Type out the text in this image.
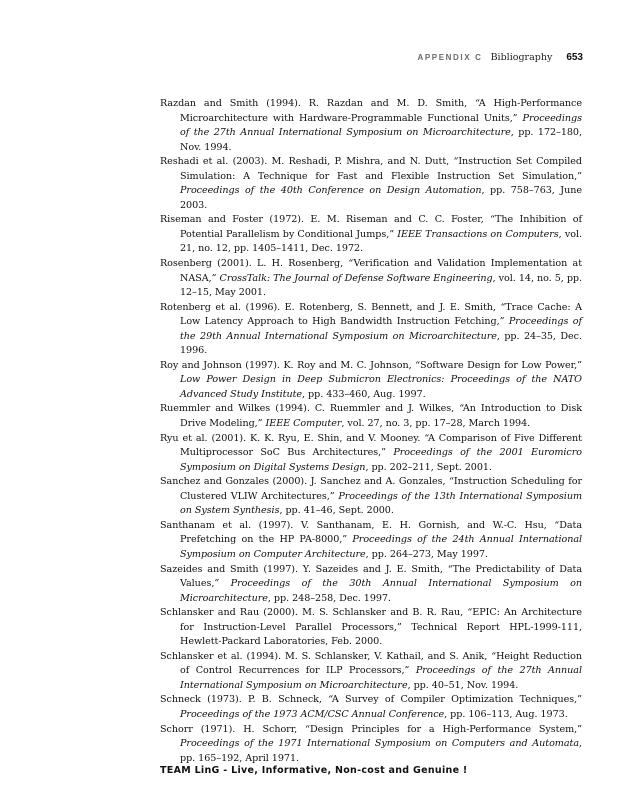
APPENDIX C Bibliography 653
Razdan and Smith (1994). R. Razdan and M. D. Smith, “A High-Performance Microarchitecture with Hardware-Programmable Functional Units,” Proceedings of the 27th Annual International Symposium on Microarchitecture, pp. 172–180, Nov. 1994.
Reshadi et al. (2003). M. Reshadi, P. Mishra, and N. Dutt, “Instruction Set Compiled Simulation: A Technique for Fast and Flexible Instruction Set Simulation,” Proceedings of the 40th Conference on Design Automation, pp. 758–763, June 2003.
Riseman and Foster (1972). E. M. Riseman and C. C. Foster, “The Inhibition of Potential Parallelism by Conditional Jumps,” IEEE Transactions on Computers, vol. 21, no. 12, pp. 1405–1411, Dec. 1972.
Rosenberg (2001). L. H. Rosenberg, “Verification and Validation Implementation at NASA,” CrossTalk: The Journal of Defense Software Engineering, vol. 14, no. 5, pp. 12–15, May 2001.
Rotenberg et al. (1996). E. Rotenberg, S. Bennett, and J. E. Smith, “Trace Cache: A Low Latency Approach to High Bandwidth Instruction Fetching,” Proceedings of the 29th Annual International Symposium on Microarchitecture, pp. 24–35, Dec. 1996.
Roy and Johnson (1997). K. Roy and M. C. Johnson, “Software Design for Low Power,” Low Power Design in Deep Submicron Electronics: Proceedings of the NATO Advanced Study Institute, pp. 433–460, Aug. 1997.
Ruemmler and Wilkes (1994). C. Ruemmler and J. Wilkes, “An Introduction to Disk Drive Modeling,” IEEE Computer, vol. 27, no. 3, pp. 17–28, March 1994.
Ryu et al. (2001). K. K. Ryu, E. Shin, and V. Mooney. “A Comparison of Five Different Multiprocessor SoC Bus Architectures,” Proceedings of the 2001 Euromicro Symposium on Digital Systems Design, pp. 202–211, Sept. 2001.
Sanchez and Gonzales (2000). J. Sanchez and A. Gonzales, “Instruction Scheduling for Clustered VLIW Architectures,” Proceedings of the 13th International Symposium on System Synthesis, pp. 41–46, Sept. 2000.
Santhanam et al. (1997). V. Santhanam, E. H. Gornish, and W.-C. Hsu, “Data Prefetching on the HP PA-8000,” Proceedings of the 24th Annual International Symposium on Computer Architecture, pp. 264–273, May 1997.
Sazeides and Smith (1997). Y. Sazeides and J. E. Smith, “The Predictability of Data Values,” Proceedings of the 30th Annual International Symposium on Microarchitecture, pp. 248–258, Dec. 1997.
Schlansker and Rau (2000). M. S. Schlansker and B. R. Rau, “EPIC: An Architecture for Instruction-Level Parallel Processors,” Technical Report HPL-1999-111, Hewlett-Packard Laboratories, Feb. 2000.
Schlansker et al. (1994). M. S. Schlansker, V. Kathail, and S. Anik, “Height Reduction of Control Recurrences for ILP Processors,” Proceedings of the 27th Annual International Symposium on Microarchitecture, pp. 40–51, Nov. 1994.
Schneck (1973). P. B. Schneck, “A Survey of Compiler Optimization Techniques,” Proceedings of the 1973 ACM/CSC Annual Conference, pp. 106–113, Aug. 1973.
Schorr (1971). H. Schorr, “Design Principles for a High-Performance System,” Proceedings of the 1971 International Symposium on Computers and Automata, pp. 165–192, April 1971.
TEAM LinG - Live, Informative, Non-cost and Genuine !
